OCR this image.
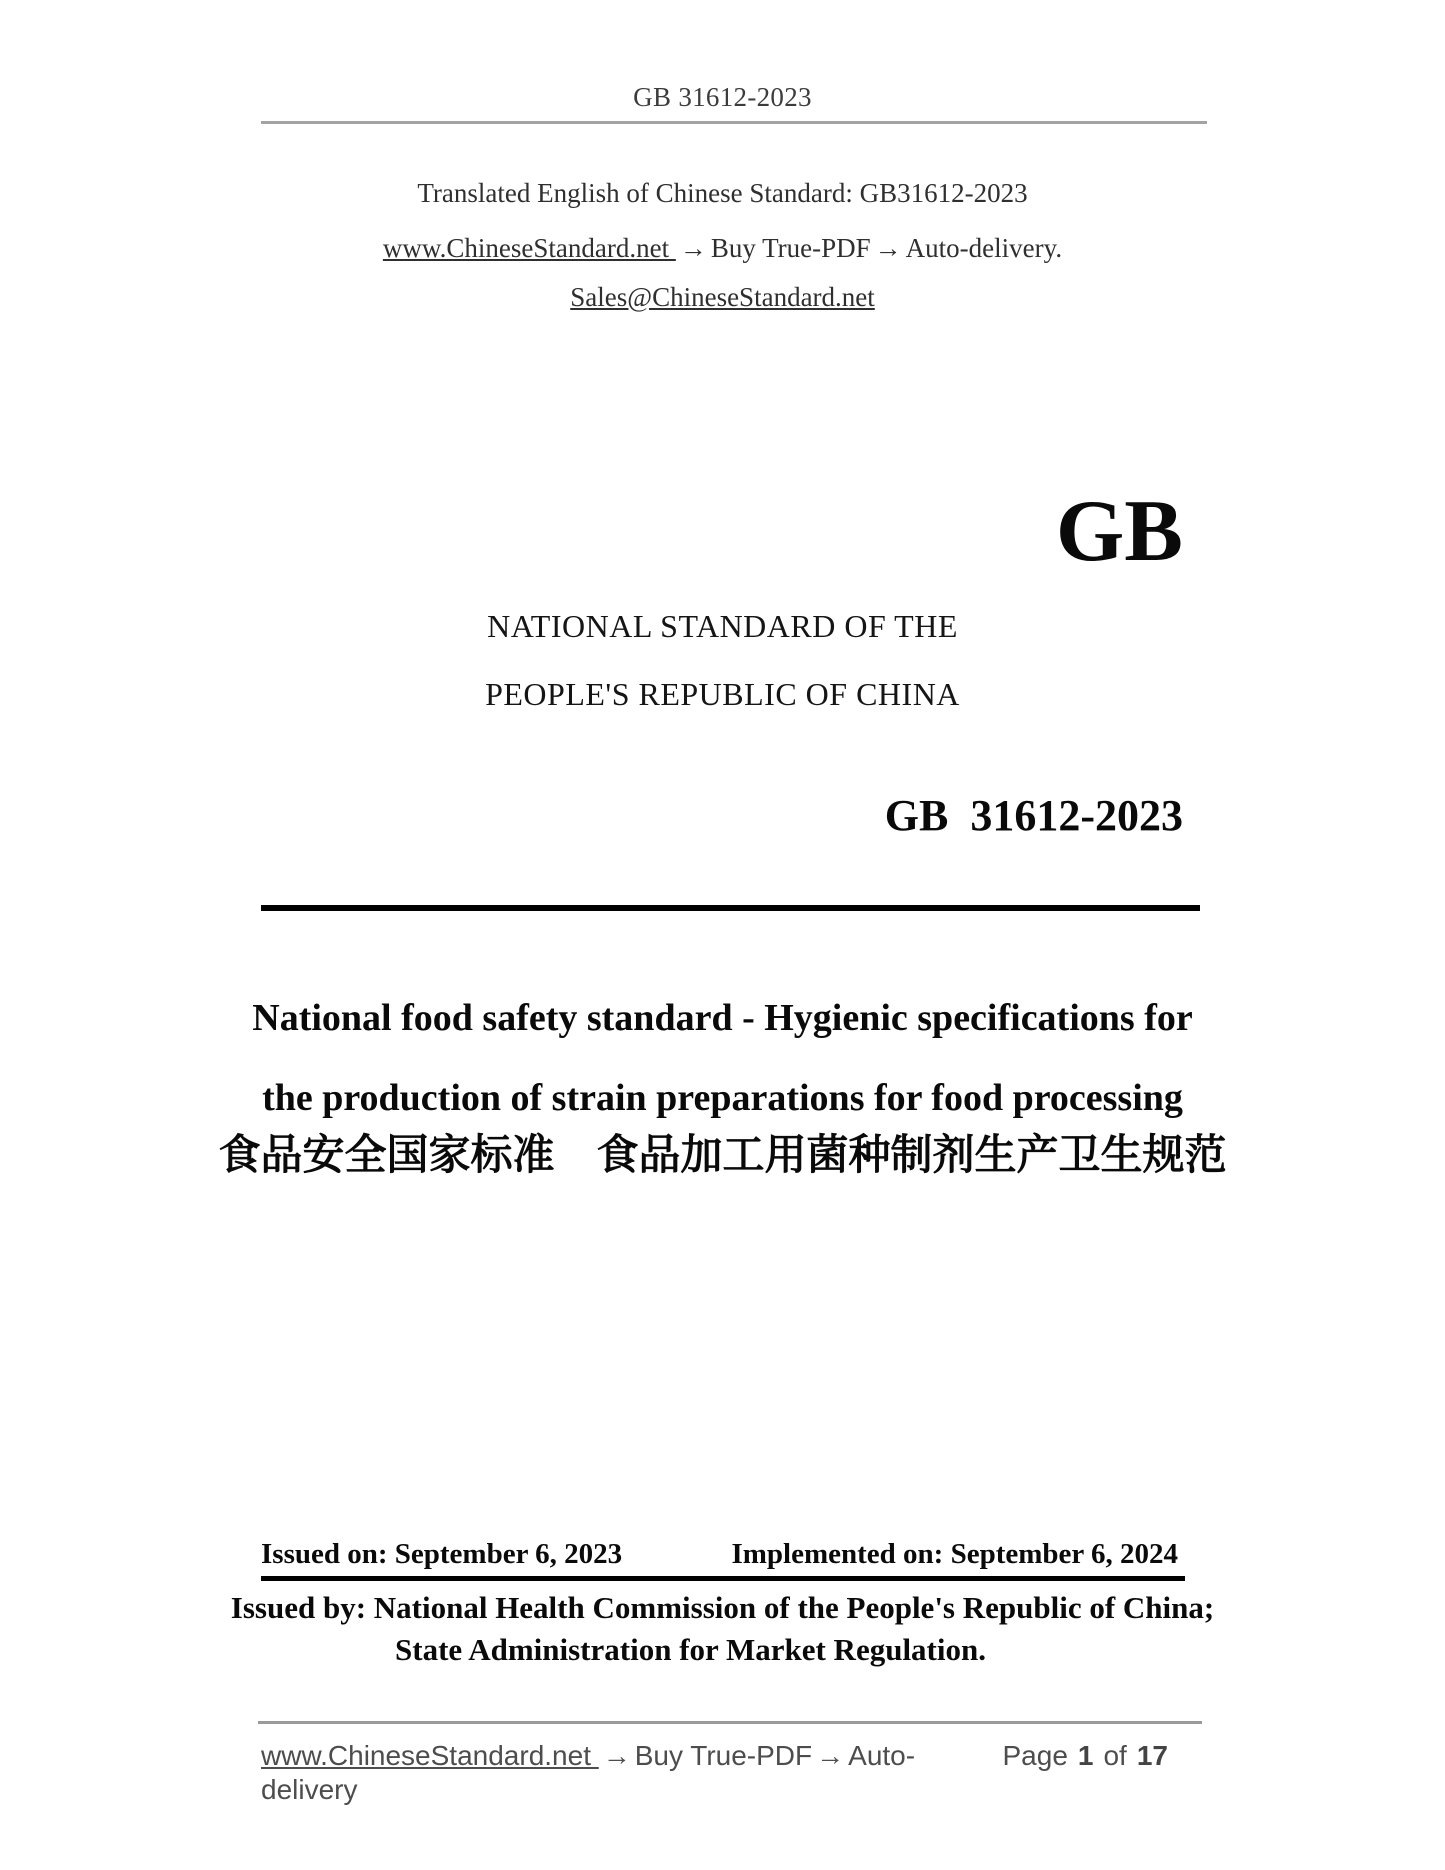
GB 31612-2023
Translated English of Chinese Standard: GB31612-2023
www.ChineseStandard.net → Buy True-PDF → Auto-delivery.
Sales@ChineseStandard.net
GB
NATIONAL STANDARD OF THE
PEOPLE'S REPUBLIC OF CHINA
GB  31612-2023
National food safety standard - Hygienic specifications for
the production of strain preparations for food processing
食品安全国家标准　食品加工用菌种制剂生产卫生规范
Issued on: September 6, 2023	Implemented on: September 6, 2024
Issued by: National Health Commission of the People's Republic of China;
State Administration for Market Regulation.
www.ChineseStandard.net → Buy True-PDF → Auto-delivery
Page 1 of 17
